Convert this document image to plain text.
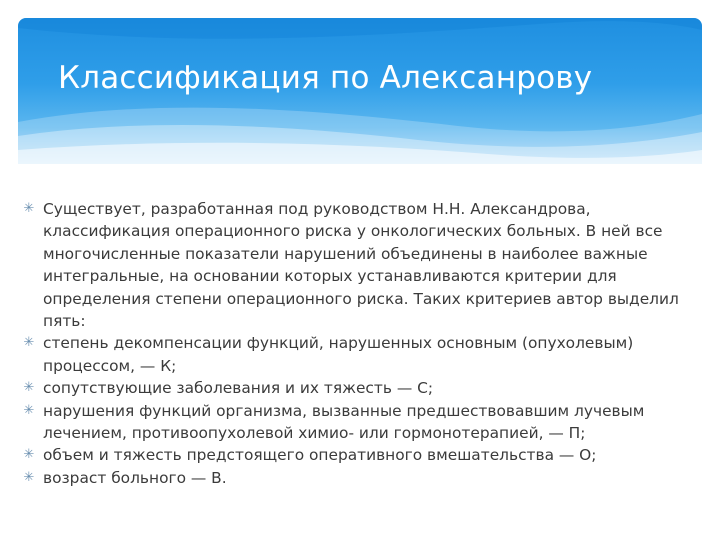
Классификация по Алексанрову
✳ Существует, разработанная под руководством Н.Н. Александрова, классификация операционного риска у онкологических больных. В ней все многочисленные показатели нарушений объединены в наиболее важные интегральные, на основании которых устанавливаются критерии для определения степени операционного риска. Таких критериев автор выделил пять:
✳ степень декомпенсации функций, нарушенных основным (опухолевым) процессом, — К;
✳ сопутствующие заболевания и их тяжесть — С;
✳ нарушения функций организма, вызванные предшествовавшим лучевым лечением, противоопухолевой химио- или гормонотерапией, — П;
✳ объем и тяжесть предстоящего оперативного вмешательства — О;
✳ возраст больного — В.
